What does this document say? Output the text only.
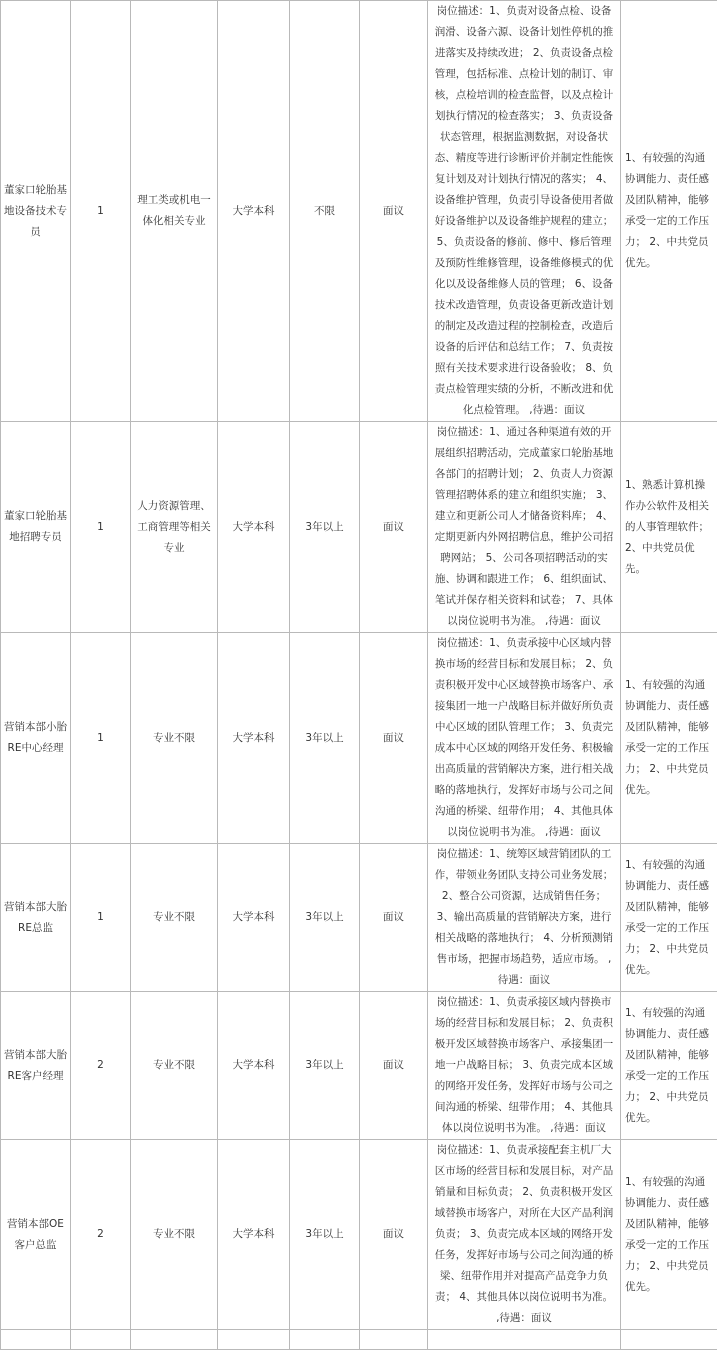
董家口轮胎基地设备技术专员	1	理工类或机电一体化相关专业	大学本科	不限	面议	岗位描述：1、负责对设备点检、设备润滑、设备六源、设备计划性停机的推进落实及持续改进； 2、负责设备点检管理，包括标准、点检计划的制订、审核，点检培训的检查监督，以及点检计划执行情况的检查落实； 3、负责设备状态管理，根据监测数据，对设备状态、精度等进行诊断评价并制定性能恢复计划及对计划执行情况的落实； 4、设备维护管理，负责引导设备使用者做好设备维护以及设备维护规程的建立； 5、负责设备的修前、修中、修后管理及预防性维修管理，设备维修模式的优化以及设备维修人员的管理； 6、设备技术改造管理，负责设备更新改造计划的制定及改造过程的控制检查，改造后设备的后评估和总结工作； 7、负责按照有关技术要求进行设备验收； 8、负责点检管理实绩的分析，不断改进和优化点检管理。 ,待遇：面议	1、有较强的沟通协调能力、责任感及团队精神，能够承受一定的工作压力； 2、中共党员优先。
董家口轮胎基地招聘专员	1	人力资源管理、工商管理等相关专业	大学本科	3年以上	面议	岗位描述：1、通过各种渠道有效的开展组织招聘活动，完成董家口轮胎基地各部门的招聘计划； 2、负责人力资源管理招聘体系的建立和组织实施； 3、建立和更新公司人才储备资料库； 4、定期更新内外网招聘信息，维护公司招聘网站； 5、公司各项招聘活动的实施、协调和跟进工作； 6、组织面试、笔试并保存相关资料和试卷； 7、具体以岗位说明书为准。 ,待遇：面议	1、熟悉计算机操作办公软件及相关的人事管理软件； 2、中共党员优先。
营销本部小胎RE中心经理	1	专业不限	大学本科	3年以上	面议	岗位描述：1、负责承接中心区域内替换市场的经营目标和发展目标； 2、负责积极开发中心区域替换市场客户、承接集团一地一户战略目标并做好所负责中心区域的团队管理工作； 3、负责完成本中心区域的网络开发任务、积极输出高质量的营销解决方案，进行相关战略的落地执行，发挥好市场与公司之间沟通的桥梁、纽带作用； 4、其他具体以岗位说明书为准。 ,待遇：面议	1、有较强的沟通协调能力、责任感及团队精神，能够承受一定的工作压力； 2、中共党员优先。
营销本部大胎RE总监	1	专业不限	大学本科	3年以上	面议	岗位描述：1、统筹区域营销团队的工作，带领业务团队支持公司业务发展； 2、整合公司资源，达成销售任务； 3、输出高质量的营销解决方案，进行相关战略的落地执行； 4、分析预测销售市场，把握市场趋势，适应市场。 ,待遇：面议	1、有较强的沟通协调能力、责任感及团队精神，能够承受一定的工作压力； 2、中共党员优先。
营销本部大胎RE客户经理	2	专业不限	大学本科	3年以上	面议	岗位描述：1、负责承接区域内替换市场的经营目标和发展目标； 2、负责积极开发区域替换市场客户、承接集团一地一户战略目标； 3、负责完成本区域的网络开发任务，发挥好市场与公司之间沟通的桥梁、纽带作用； 4、其他具体以岗位说明书为准。 ,待遇：面议	1、有较强的沟通协调能力、责任感及团队精神，能够承受一定的工作压力； 2、中共党员优先。
营销本部OE客户总监	2	专业不限	大学本科	3年以上	面议	岗位描述：1、负责承接配套主机厂大区市场的经营目标和发展目标，对产品销量和目标负责； 2、负责积极开发区域替换市场客户，对所在大区产品利润负责； 3、负责完成本区域的网络开发任务，发挥好市场与公司之间沟通的桥梁、纽带作用并对提高产品竞争力负责； 4、其他具体以岗位说明书为准。 ,待遇：面议	1、有较强的沟通协调能力、责任感及团队精神，能够承受一定的工作压力； 2、中共党员优先。
